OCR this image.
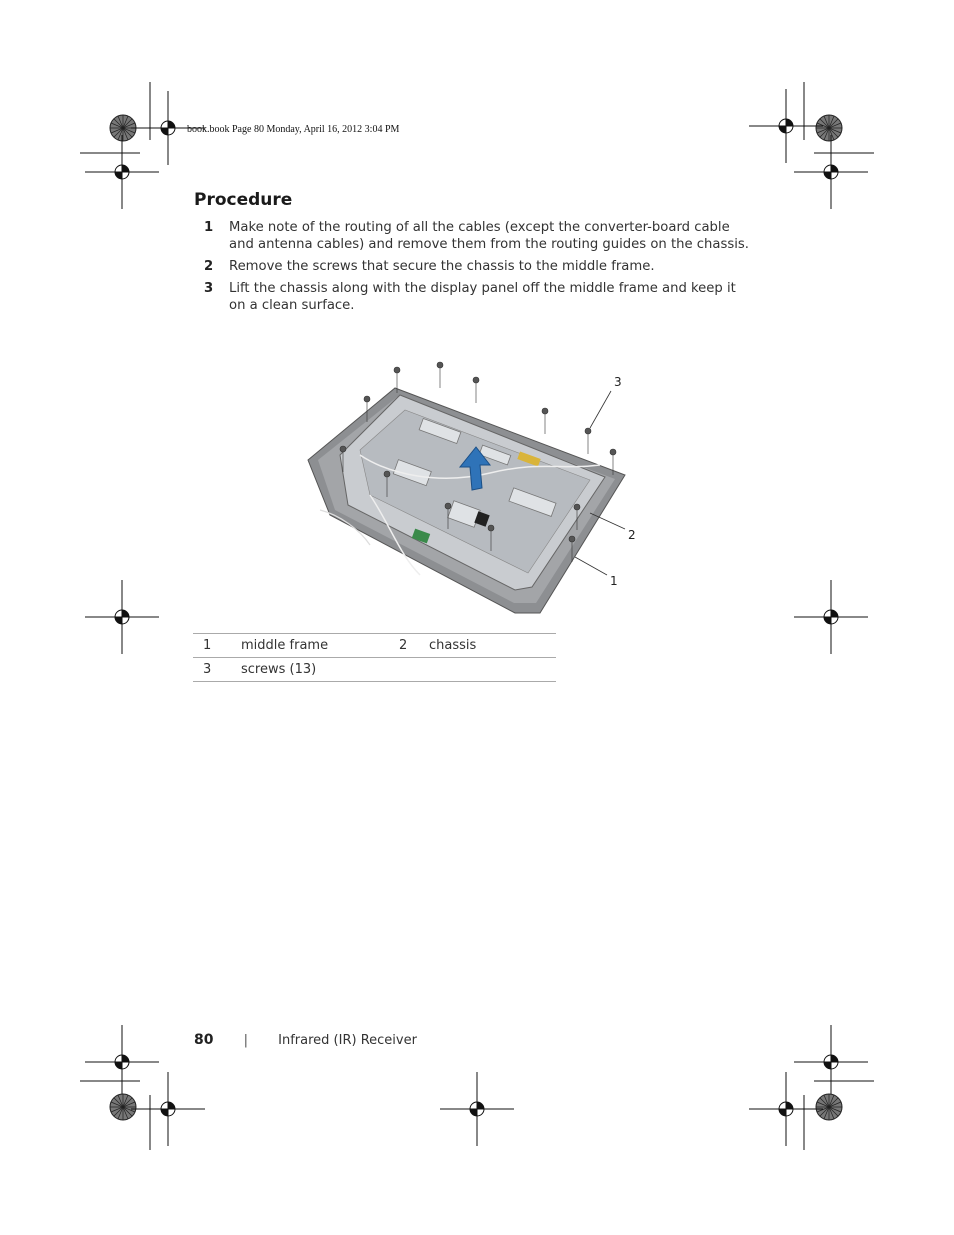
book.book Page 80 Monday, April 16, 2012 3:04 PM
Procedure
1	Make note of the routing of all the cables (except the converter-board cable and antenna cables) and remove them from the routing guides on the chassis.
2	Remove the screws that secure the chassis to the middle frame.
3	Lift the chassis along with the display panel off the middle frame and keep it on a clean surface.
3
2
1
1	middle frame	2	chassis
3	screws (13)		
80 | Infrared (IR) Receiver
